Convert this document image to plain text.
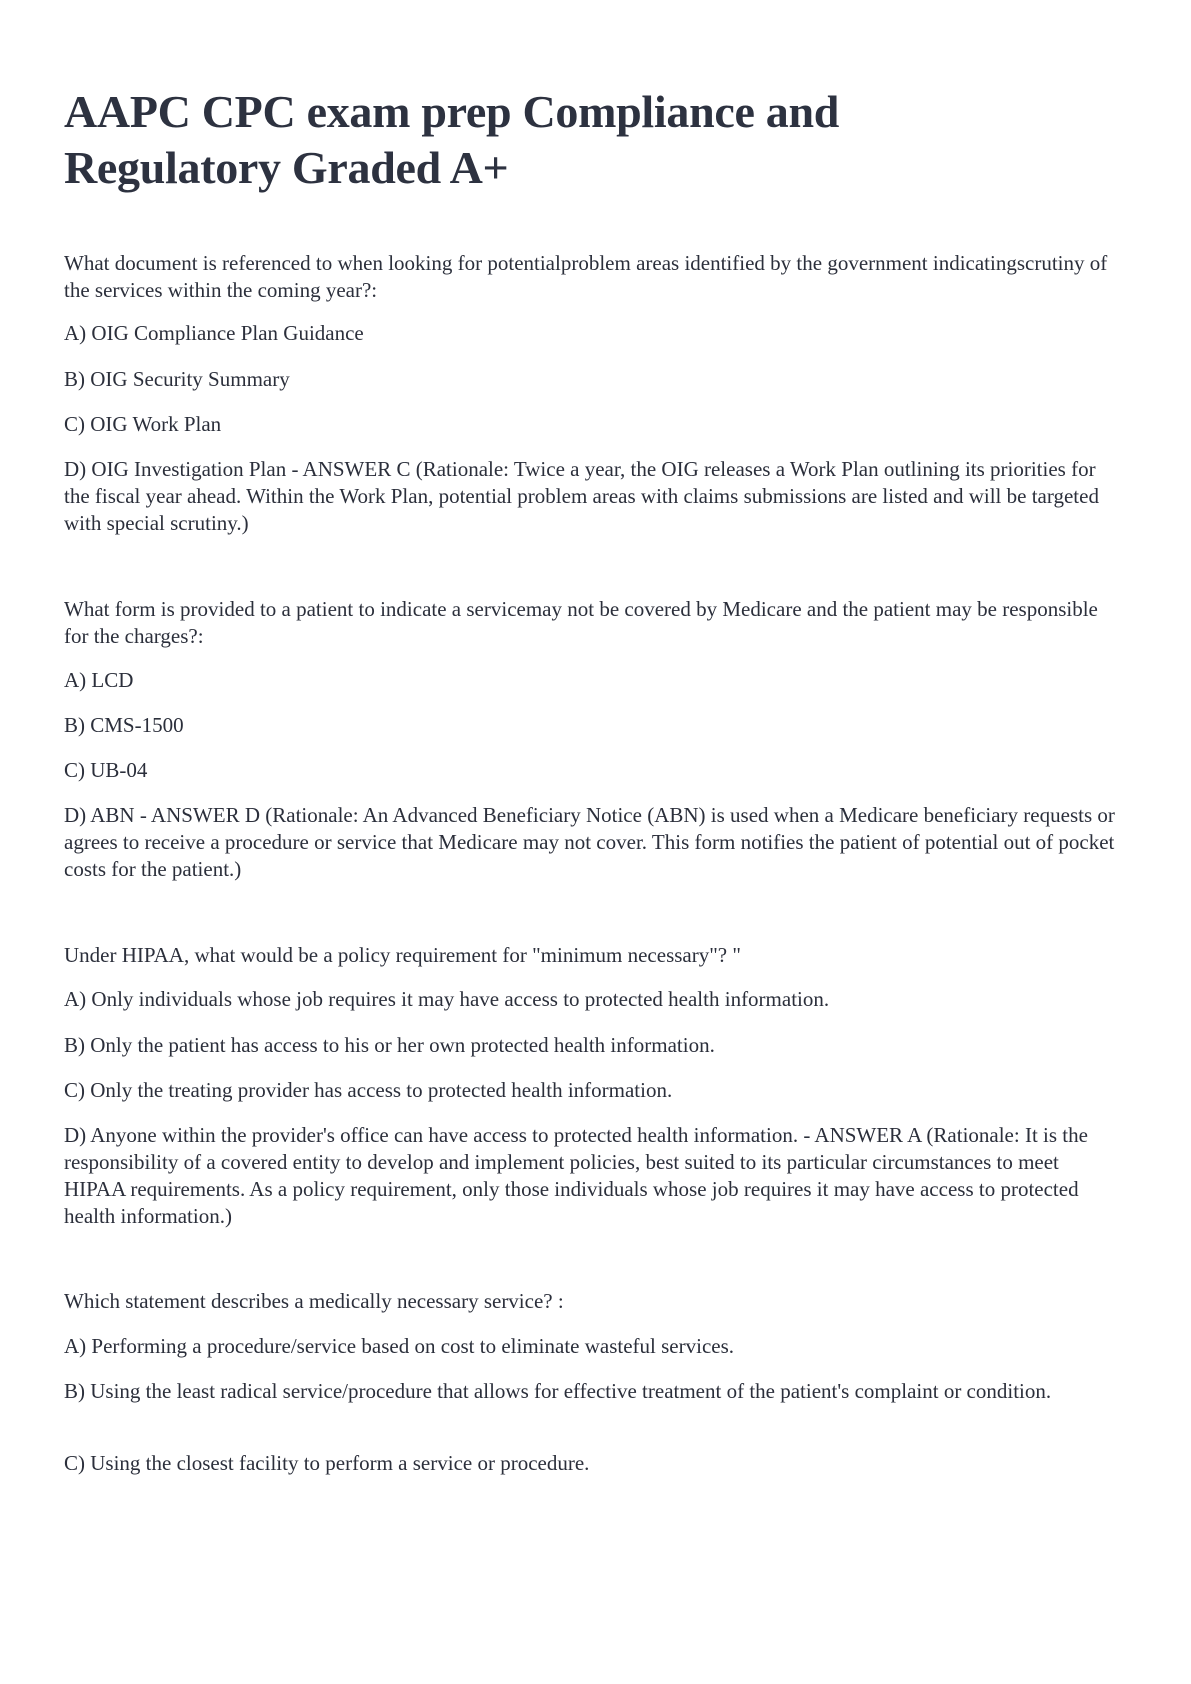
AAPC CPC exam prep Compliance and Regulatory Graded A+

What document is referenced to when looking for potentialproblem areas identified by the government indicatingscrutiny of the services within the coming year?:

A) OIG Compliance Plan Guidance

B) OIG Security Summary

C) OIG Work Plan

D) OIG Investigation Plan - ANSWER C (Rationale: Twice a year, the OIG releases a Work Plan outlining its priorities for the fiscal year ahead. Within the Work Plan, potential problem areas with claims submissions are listed and will be targeted with special scrutiny.)

What form is provided to a patient to indicate a servicemay not be covered by Medicare and the patient may be responsible for the charges?:

A) LCD

B) CMS-1500

C) UB-04

D) ABN - ANSWER D (Rationale: An Advanced Beneficiary Notice (ABN) is used when a Medicare beneficiary requests or agrees to receive a procedure or service that Medicare may not cover. This form notifies the patient of potential out of pocket costs for the patient.)

Under HIPAA, what would be a policy requirement for "minimum necessary"? "

A) Only individuals whose job requires it may have access to protected health information.

B) Only the patient has access to his or her own protected health information.

C) Only the treating provider has access to protected health information.

D) Anyone within the provider's office can have access to protected health information. - ANSWER A (Rationale: It is the responsibility of a covered entity to develop and implement policies, best suited to its particular circumstances to meet HIPAA requirements. As a policy requirement, only those individuals whose job requires it may have access to protected health information.)

Which statement describes a medically necessary service? :

A) Performing a procedure/service based on cost to eliminate wasteful services.

B) Using the least radical service/procedure that allows for effective treatment of the patient's complaint or condition.

C) Using the closest facility to perform a service or procedure.
